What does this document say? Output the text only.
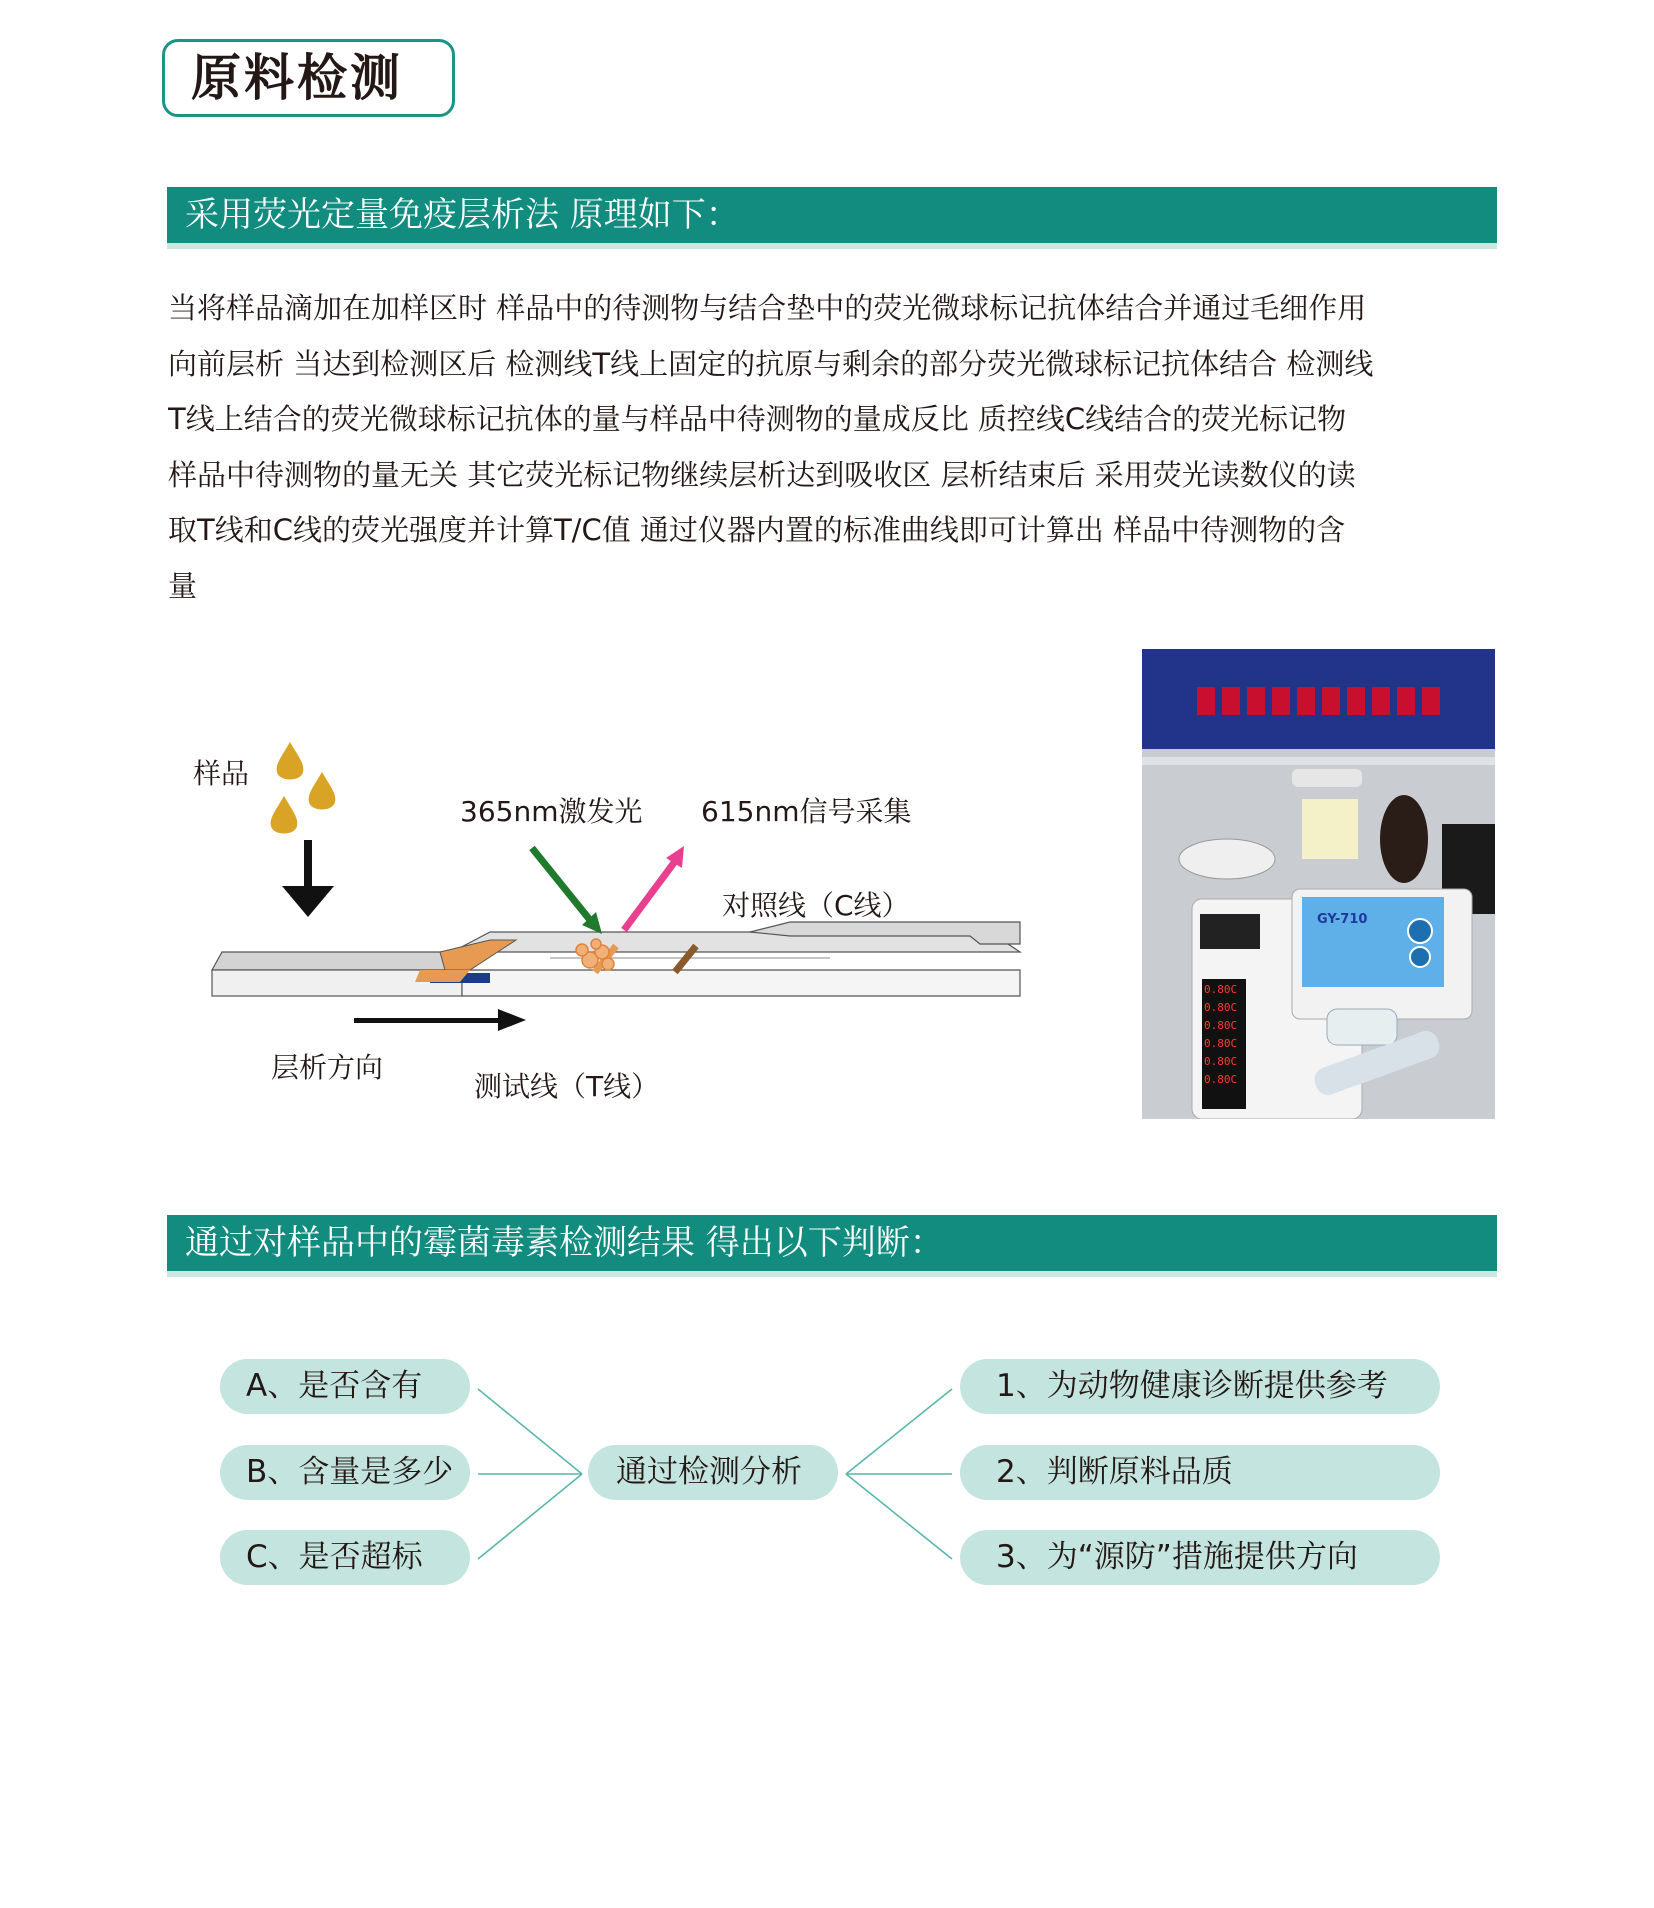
原料检测
采用荧光定量免疫层析法 原理如下：
当将样品滴加在加样区时 样品中的待测物与结合垫中的荧光微球标记抗体结合并通过毛细作用
向前层析 当达到检测区后 检测线T线上固定的抗原与剩余的部分荧光微球标记抗体结合 检测线
T线上结合的荧光微球标记抗体的量与样品中待测物的量成反比 质控线C线结合的荧光标记物
样品中待测物的量无关 其它荧光标记物继续层析达到吸收区 层析结束后 采用荧光读数仪的读
取T线和C线的荧光强度并计算T/C值 通过仪器内置的标准曲线即可计算出 样品中待测物的含
量
样品
365nm激发光 615nm信号采集
对照线（C线）
层析方向
测试线（T线）
GY-710
0.80C
0.80C
0.80C
0.80C
0.80C
0.80C
通过对样品中的霉菌毒素检测结果 得出以下判断：
A、是否含有
B、含量是多少
C、是否超标
通过检测分析
1、为动物健康诊断提供参考
2、判断原料品质
3、为“源防”措施提供方向
